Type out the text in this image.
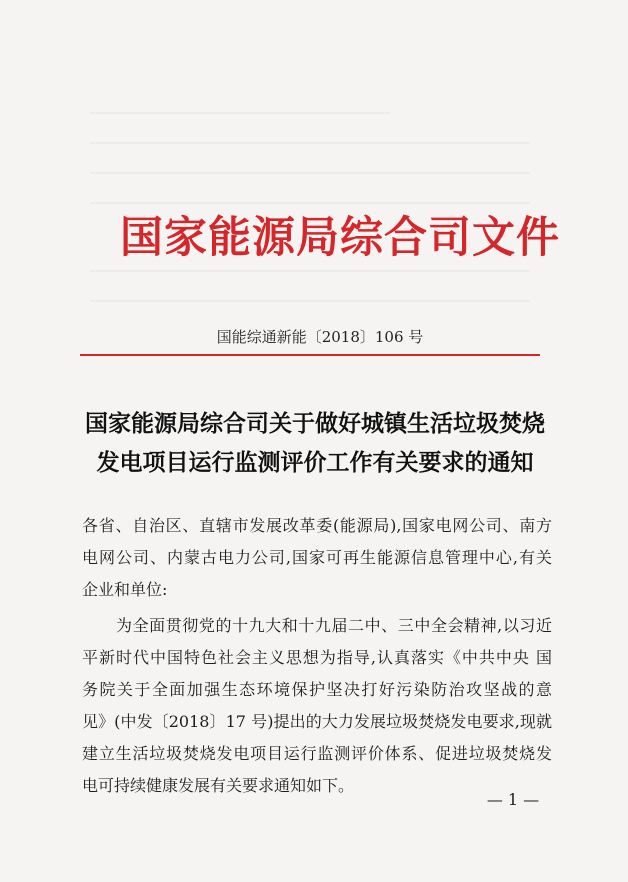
国家能源局综合司文件
国能综通新能〔2018〕106 号
国家能源局综合司关于做好城镇生活垃圾焚烧
发电项目运行监测评价工作有关要求的通知
各省、自治区、直辖市发展改革委(能源局),国家电网公司、南方
电网公司、内蒙古电力公司,国家可再生能源信息管理中心,有关
企业和单位:
为全面贯彻党的十九大和十九届二中、三中全会精神,以习近
平新时代中国特色社会主义思想为指导,认真落实《中共中央 国
务院关于全面加强生态环境保护坚决打好污染防治攻坚战的意
见》(中发〔2018〕17 号)提出的大力发展垃圾焚烧发电要求,现就
建立生活垃圾焚烧发电项目运行监测评价体系、促进垃圾焚烧发
电可持续健康发展有关要求通知如下。
— 1 —
